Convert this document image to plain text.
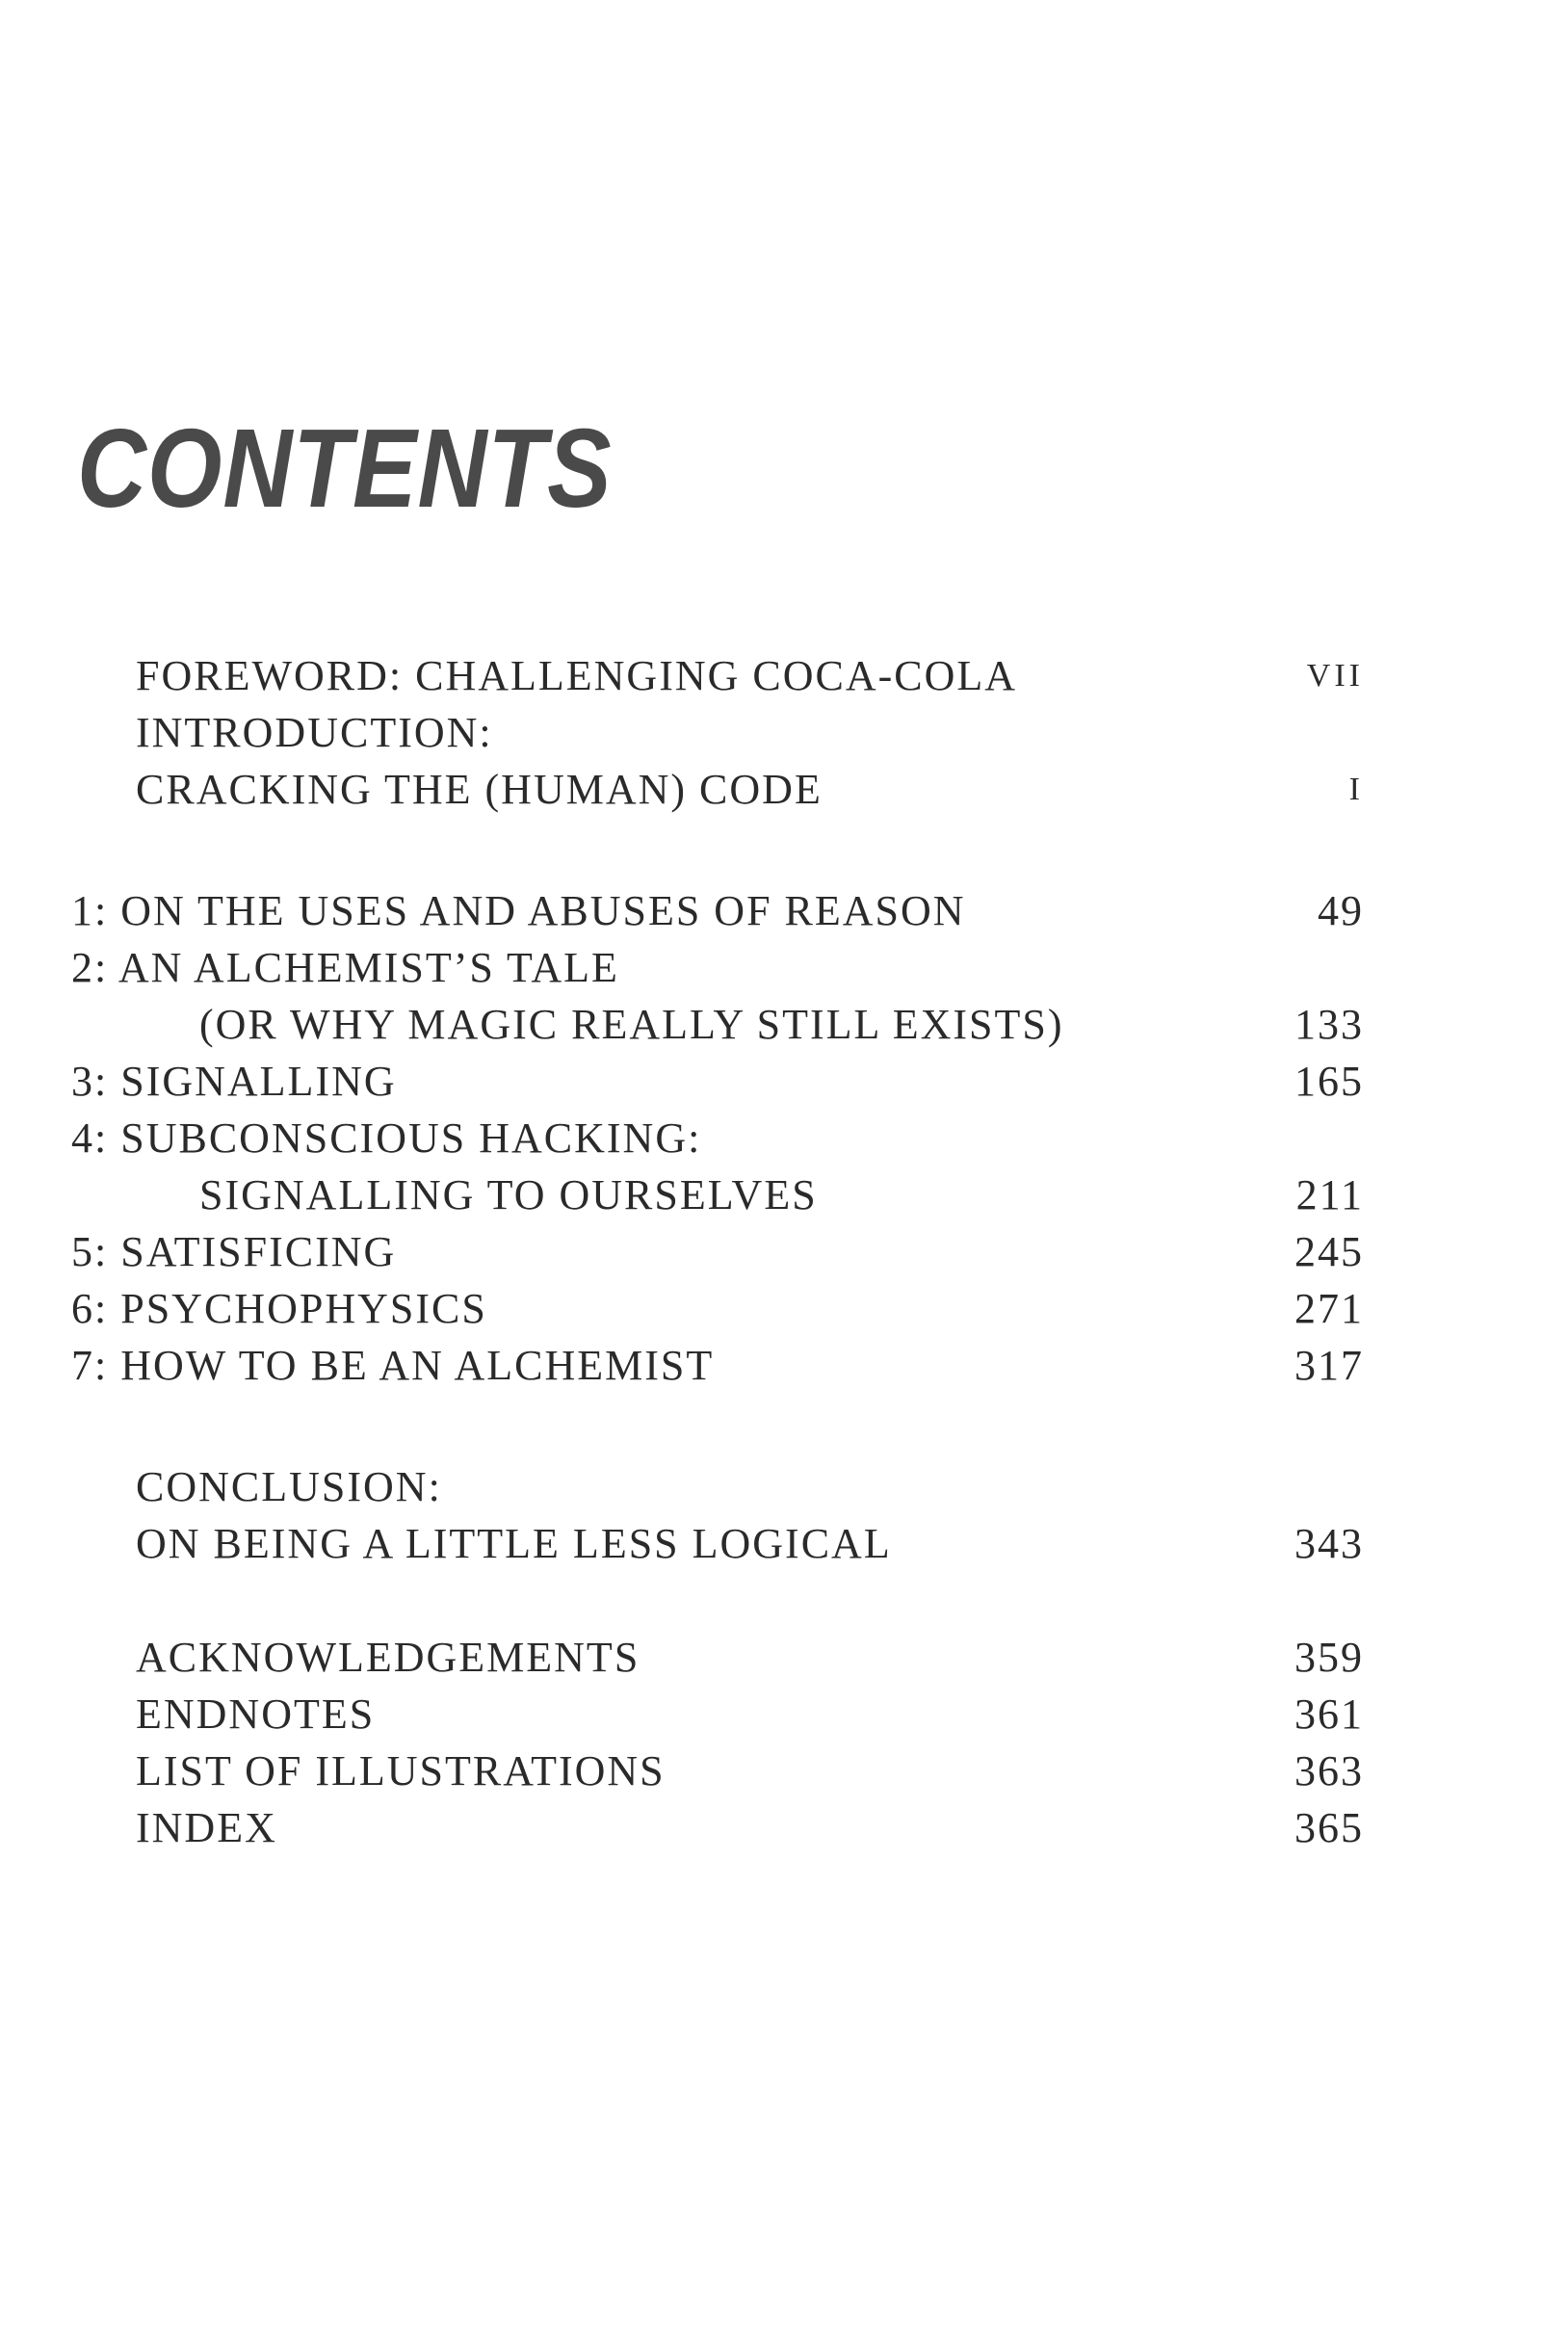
CONTENTS
FOREWORD: CHALLENGING COCA-COLA	VII
INTRODUCTION:
CRACKING THE (HUMAN) CODE	I
1: ON THE USES AND ABUSES OF REASON	49
2: AN ALCHEMIST’S TALE
(OR WHY MAGIC REALLY STILL EXISTS)	133
3: SIGNALLING	165
4: SUBCONSCIOUS HACKING:
SIGNALLING TO OURSELVES	211
5: SATISFICING	245
6: PSYCHOPHYSICS	271
7: HOW TO BE AN ALCHEMIST	317
CONCLUSION:
ON BEING A LITTLE LESS LOGICAL	343
ACKNOWLEDGEMENTS	359
ENDNOTES	361
LIST OF ILLUSTRATIONS	363
INDEX	365
